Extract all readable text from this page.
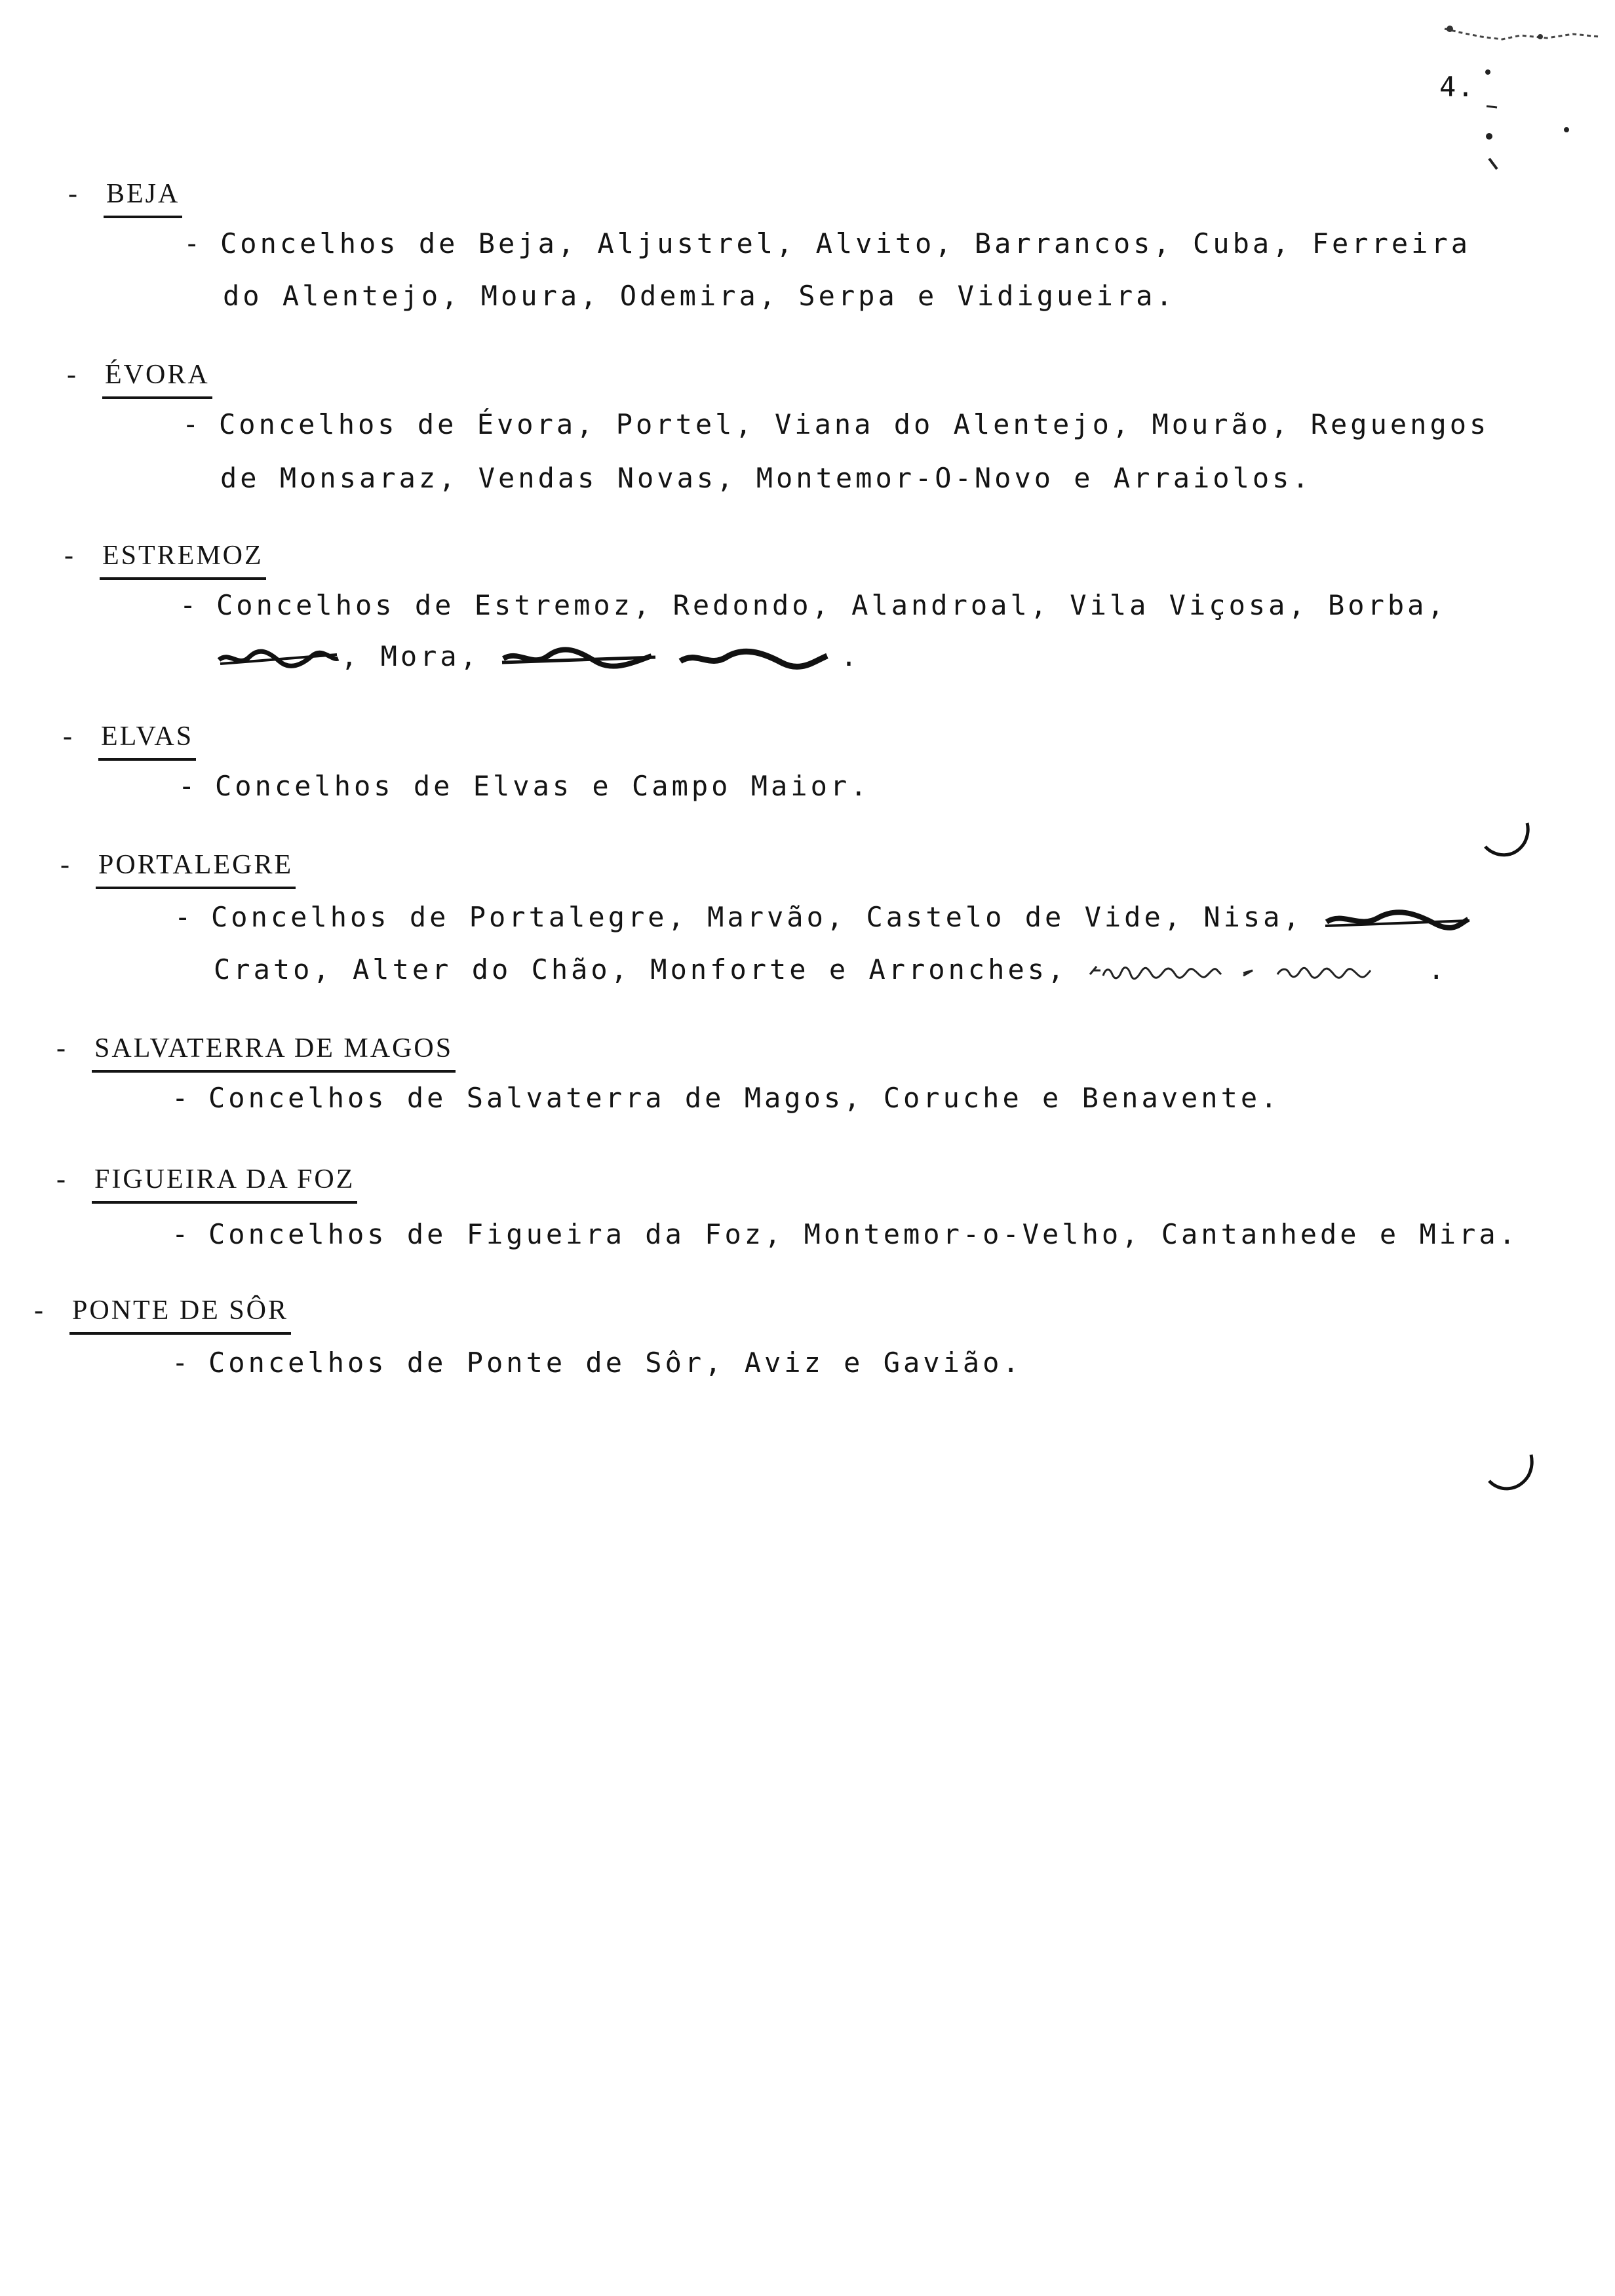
4.
- BEJA
- Concelhos de Beja, Aljustrel, Alvito, Barrancos, Cuba, Ferreira
do Alentejo, Moura, Odemira, Serpa e Vidigueira.
- ÉVORA
- Concelhos de Évora, Portel, Viana do Alentejo, Mourão, Reguengos
de Monsaraz, Vendas Novas, Montemor-O-Novo e Arraiolos.
- ESTREMOZ
- Concelhos de Estremoz, Redondo, Alandroal, Vila Viçosa, Borba,
, Mora,	.
- ELVAS
- Concelhos de Elvas e Campo Maior.
- PORTALEGRE
- Concelhos de Portalegre, Marvão, Castelo de Vide, Nisa,
Crato, Alter do Chão, Monforte e Arronches,	.
- SALVATERRA DE MAGOS
- Concelhos de Salvaterra de Magos, Coruche e Benavente.
- FIGUEIRA DA FOZ
- Concelhos de Figueira da Foz, Montemor-o-Velho, Cantanhede e Mira.
- PONTE DE SÔR
- Concelhos de Ponte de Sôr, Aviz e Gavião.
